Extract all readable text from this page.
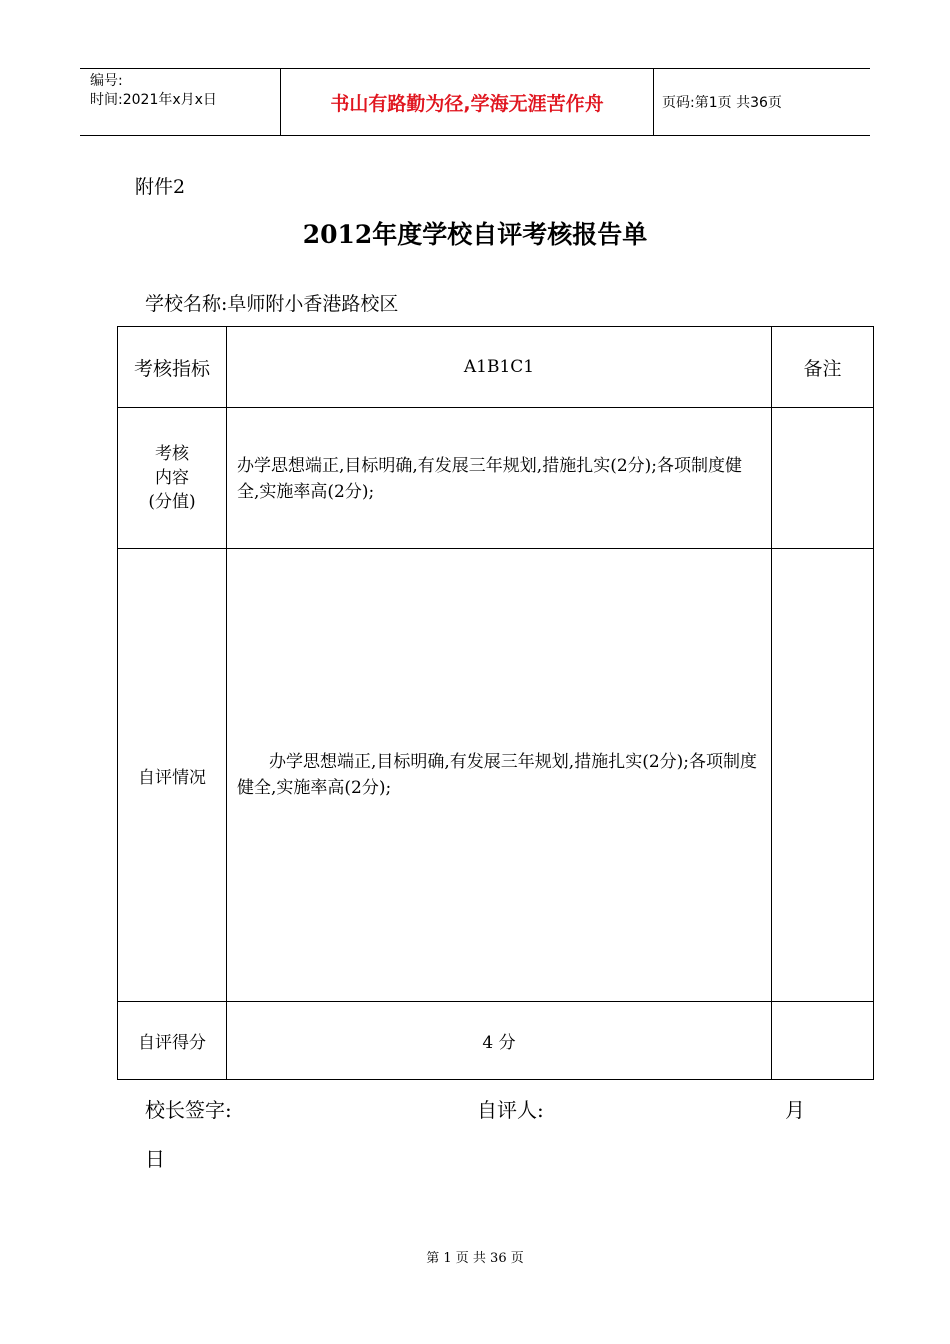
编号:
时间:2021年x月x日	书山有路勤为径,学海无涯苦作舟	页码:第1页 共36页
附件2
2012年度学校自评考核报告单
学校名称:阜师附小香港路校区
考核指标	A1B1C1	备注

考核
内容
(分值)	办学思想端正,目标明确,有发展三年规划,措施扎实(2分);各项制度健全,实施率高(2分);	
自评情况	办学思想端正,目标明确,有发展三年规划,措施扎实(2分);各项制度健全,实施率高(2分);	

自评得分	4 分	
校长签字:	自评人:	月
日
第 1 页 共 36 页
